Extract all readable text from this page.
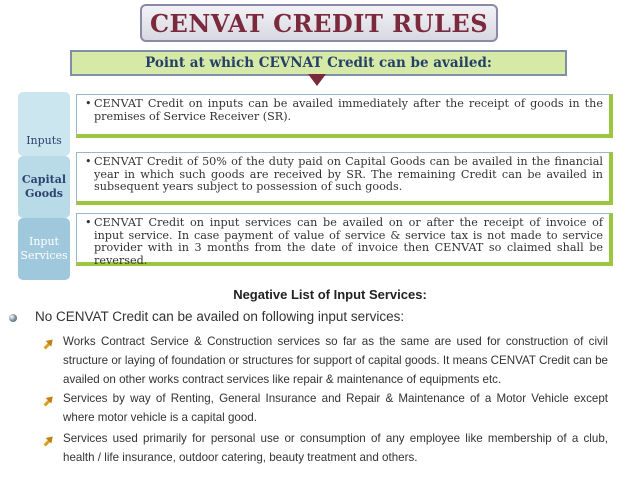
CENVAT CREDIT RULES
Point at which CEVNAT Credit can be availed:
Inputs
• CENVAT Credit on inputs can be availed immediately after the receipt of goods in the premises of Service Receiver (SR).
Capital Goods
• CENVAT Credit of 50% of the duty paid on Capital Goods can be availed in the financial year in which such goods are received by SR. The remaining Credit can be availed in subsequent years subject to possession of such goods.
Input Services
• CENVAT Credit on input services can be availed on or after the receipt of invoice of input service. In case payment of value of service & service tax is not made to service provider with in 3 months from the date of invoice then CENVAT so claimed shall be reversed.
Negative List of Input Services:
No CENVAT Credit can be availed on following input services:
Works Contract Service & Construction services so far as the same are used for construction of civil structure or laying of foundation or structures for support of capital goods. It means CENVAT Credit can be availed on other works contract services like repair & maintenance of equipments etc.
Services by way of Renting, General Insurance and Repair & Maintenance of a Motor Vehicle except where motor vehicle is a capital good.
Services used primarily for personal use or consumption of any employee like membership of a club, health / life insurance, outdoor catering, beauty treatment and others.
